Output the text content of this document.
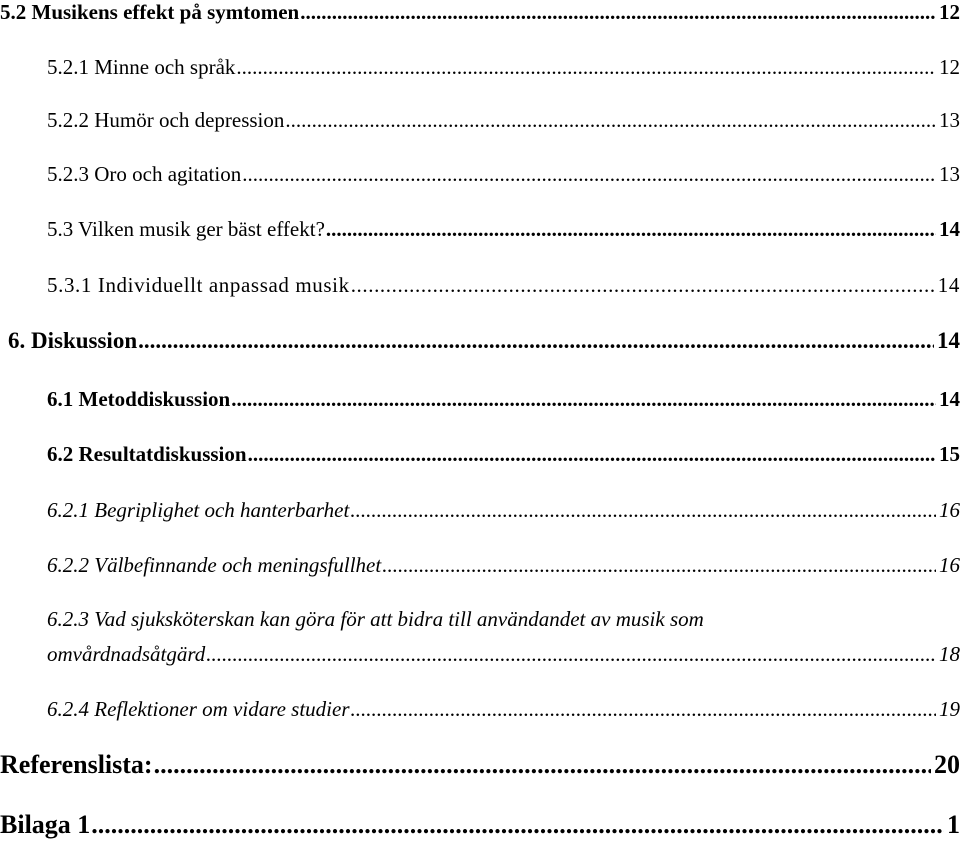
5.2 Musikens effekt på symtomen .....	12
5.2.1 Minne och språk .....	12
5.2.2 Humör och depression .....	13
5.2.3 Oro och agitation .....	13
5.3 Vilken musik ger bäst effekt? .....	14
5.3.1 Individuellt anpassad musik .....	14
6. Diskussion .....	14
6.1 Metoddiskussion .....	14
6.2 Resultatdiskussion .....	15
6.2.1 Begriplighet och hanterbarhet .....	16
6.2.2 Välbefinnande och meningsfullhet .....	16
6.2.3 Vad sjuksköterskan kan göra för att bidra till användandet av musik som
omvårdnadsåtgärd .....	18
6.2.4 Reflektioner om vidare studier .....	19
Referenslista: .....	20
Bilaga 1 .....	1
